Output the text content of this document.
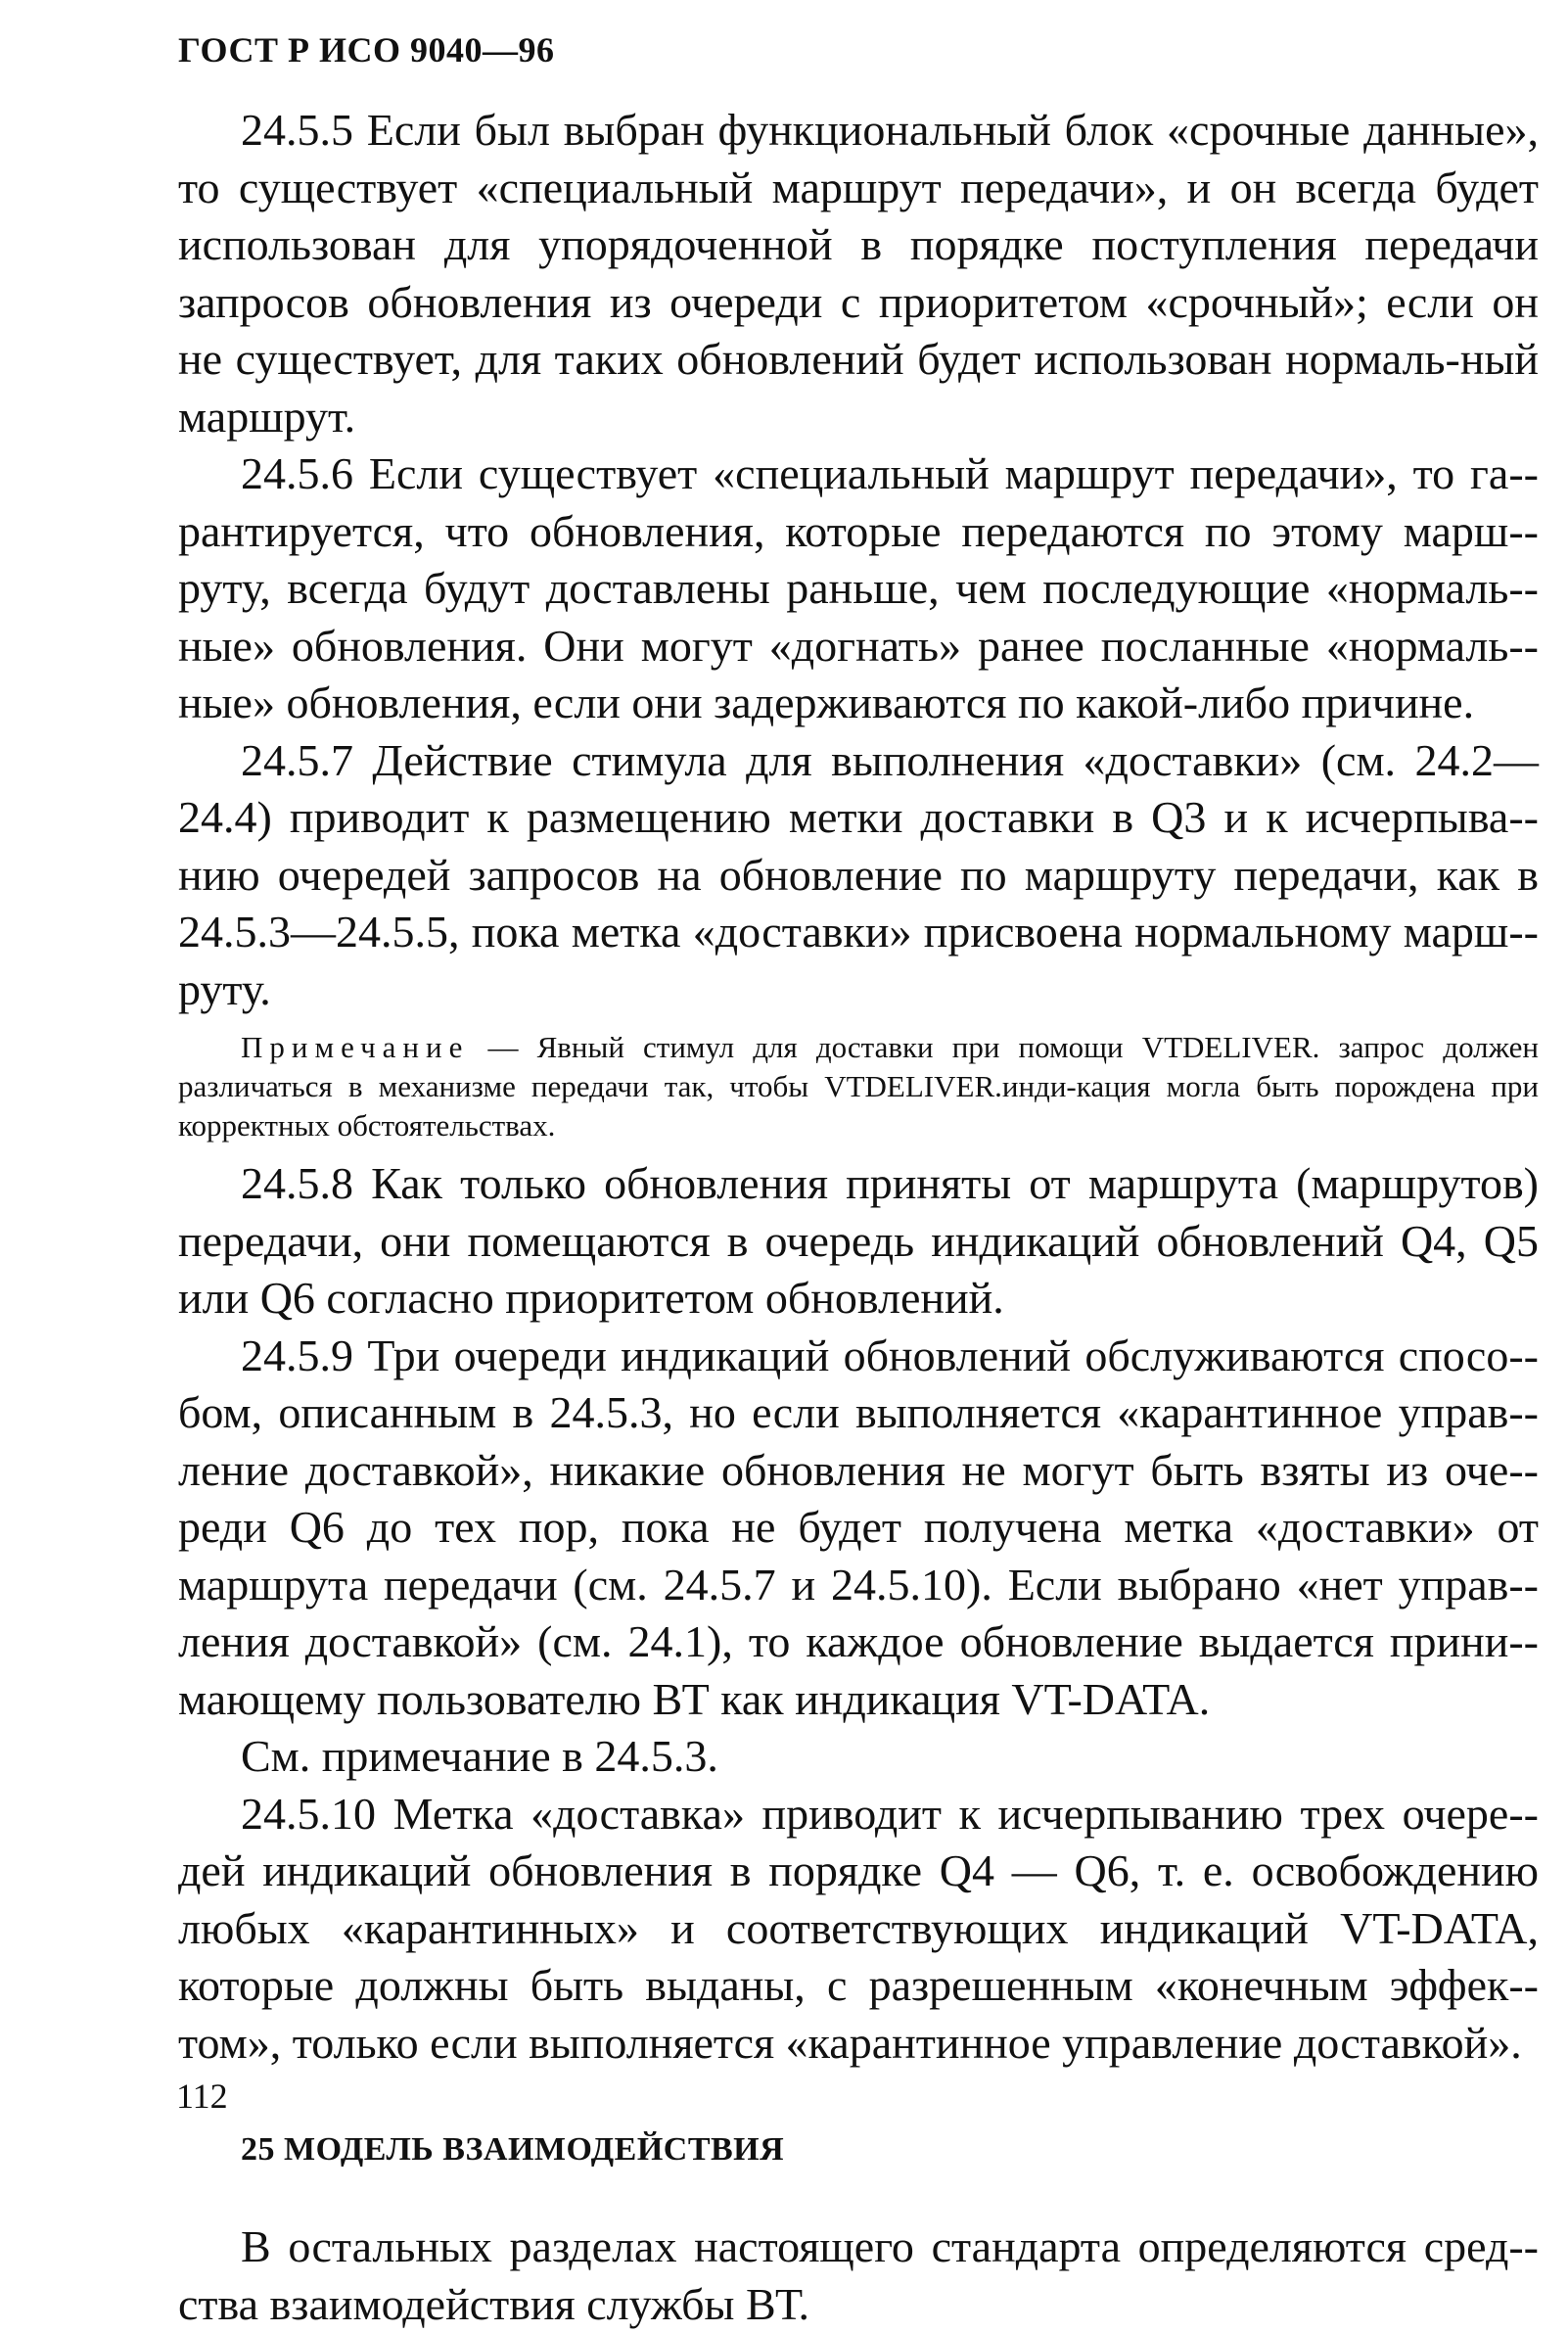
ГОСТ Р ИСО 9040—96

24.5.5 Если был выбран функциональный блок «срочные данные», то существует «специальный маршрут передачи», и он всегда будет использован для упорядоченной в порядке поступления передачи запросов обновления из очереди с приоритетом «срочный»; если он не существует, для таких обновлений будет использован нормаль-ный маршрут.

24.5.6 Если существует «специальный маршрут передачи», то га-рантируется, что обновления, которые передаются по этому марш-руту, всегда будут доставлены раньше, чем последующие «нормаль-ные» обновления. Они могут «догнать» ранее посланные «нормаль-ные» обновления, если они задерживаются по какой-либо причине.

24.5.7 Действие стимула для выполнения «доставки» (см. 24.2—24.4) приводит к размещению метки доставки в Q3 и к исчерпыва-нию очередей запросов на обновление по маршруту передачи, как в 24.5.3—24.5.5, пока метка «доставки» присвоена нормальному марш-руту.

Примечание — Явный стимул для доставки при помощи VTDELIVER. запрос должен различаться в механизме передачи так, чтобы VTDELIVER.инди-кация могла быть порождена при корректных обстоятельствах.

24.5.8 Как только обновления приняты от маршрута (маршрутов) передачи, они помещаются в очередь индикаций обновлений Q4, Q5 или Q6 согласно приоритетом обновлений.

24.5.9 Три очереди индикаций обновлений обслуживаются спосо-бом, описанным в 24.5.3, но если выполняется «карантинное управ-ление доставкой», никакие обновления не могут быть взяты из оче-реди Q6 до тех пор, пока не будет получена метка «доставки» от маршрута передачи (см. 24.5.7 и 24.5.10). Если выбрано «нет управ-ления доставкой» (см. 24.1), то каждое обновление выдается прини-мающему пользователю ВТ как индикация VT-DATA.

См. примечание в 24.5.3.

24.5.10 Метка «доставка» приводит к исчерпыванию трех очере-дей индикаций обновления в порядке Q4 — Q6, т. е. освобождению любых «карантинных» и соответствующих индикаций VT-DATA, которые должны быть выданы, с разрешенным «конечным эффек-том», только если выполняется «карантинное управление доставкой».

25 МОДЕЛЬ ВЗАИМОДЕЙСТВИЯ

В остальных разделах настоящего стандарта определяются сред-ства взаимодействия службы ВТ.

112
